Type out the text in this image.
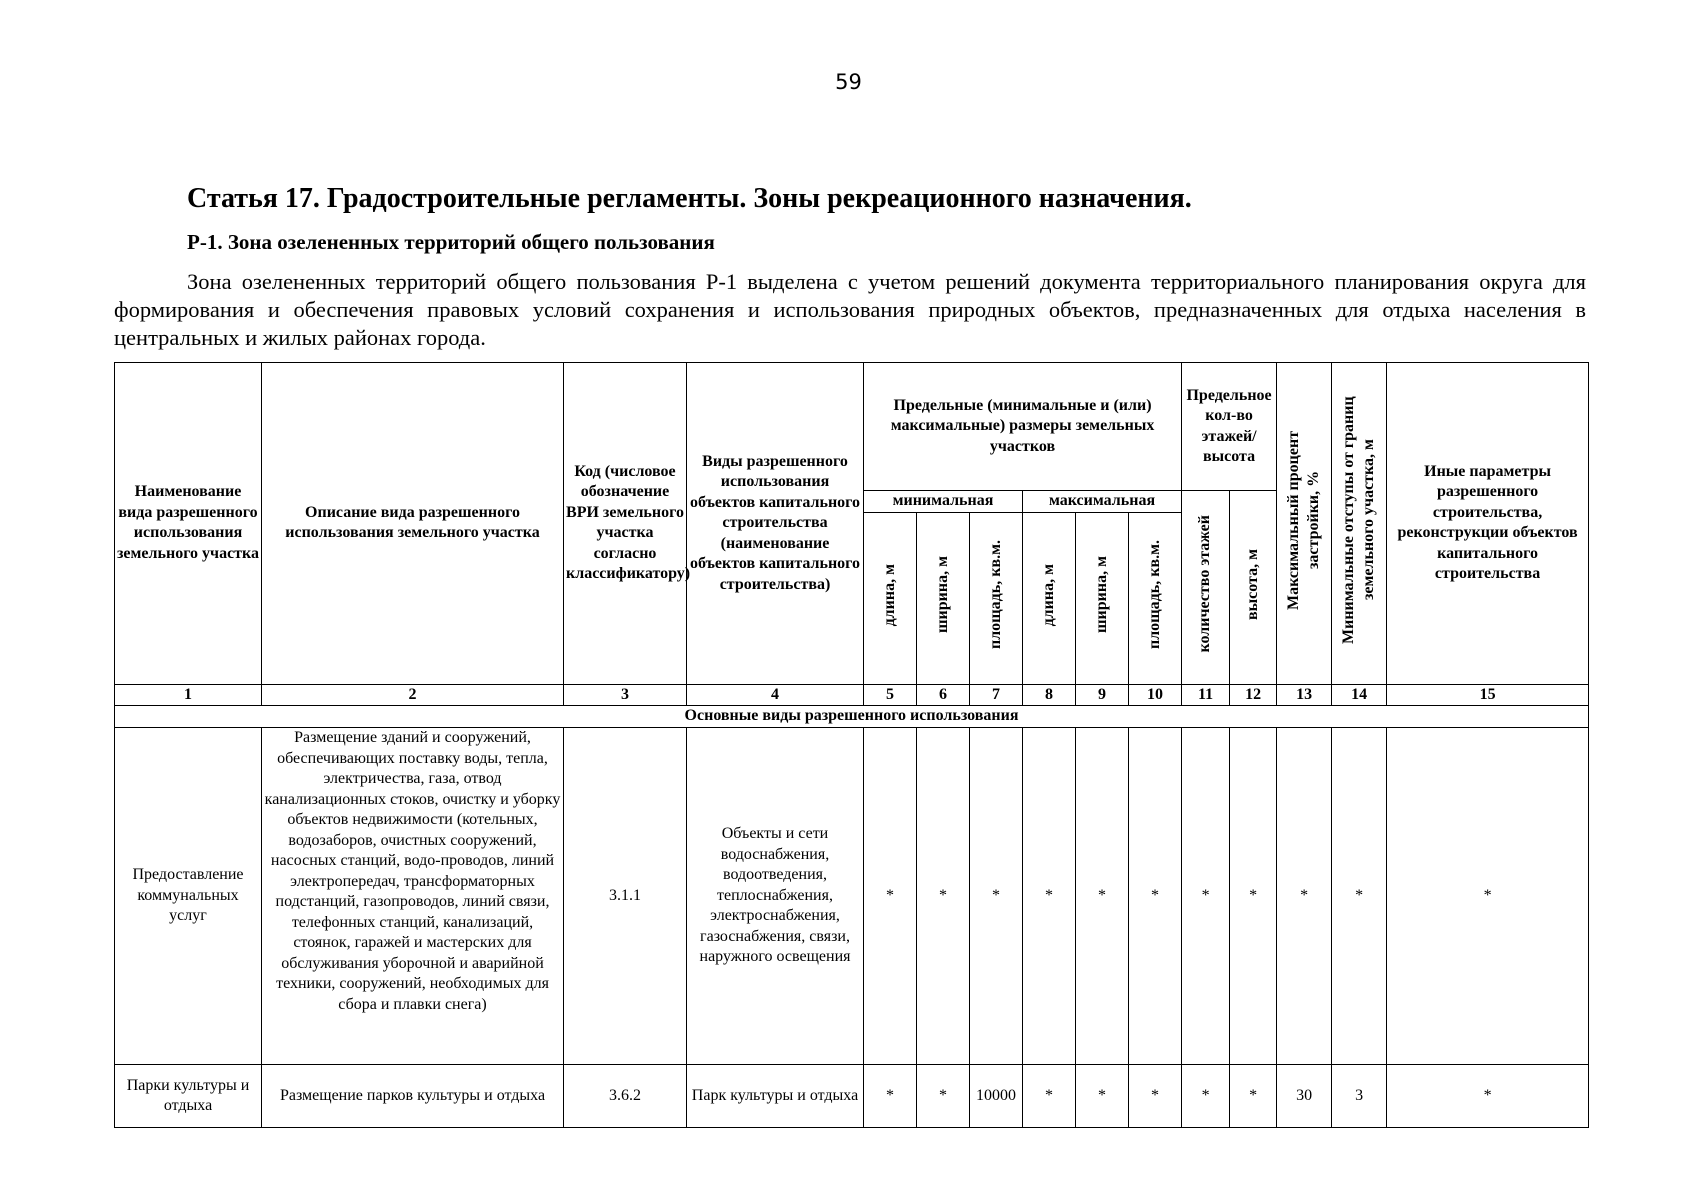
59
Статья 17. Градостроительные регламенты. Зоны рекреационного назначения.
Р-1. Зона озелененных территорий общего пользования

Зона озелененных территорий общего пользования Р-1 выделена с учетом решений документа территориального планирования округа для формирования и обеспечения правовых условий сохранения и использования природных объектов, предназначенных для отдыха населения в центральных и жилых районах города.

Наименование вида разрешенного использования земельного участка	Описание вида разрешенного использования земельного участка	Код (числовое обозначение ВРИ земельного участка согласно классификатору)	Виды разрешенного использования объектов капитального строительства (наименование объектов капитального строительства)	Предельные (минимальные и (или) максимальные) размеры земельных участков						Предельное кол-во этажей/ высота		Максимальный процент застройки, %	Минимальные отступы от границ земельного участка, м	Иные параметры разрешенного строительства, реконструкции объектов капитального строительства
				минимальная			максимальная			количество этажей	высота, м			
				длина, м	ширина, м	площадь, кв.м.	длина, м	ширина, м	площадь, кв.м.					
1	2	3	4	5	6	7	8	9	10	11	12	13	14	15
Основные виды разрешенного использования														
Предоставление коммунальных услуг	Размещение зданий и сооружений, обеспечивающих поставку воды, тепла, электричества, газа, отвод канализационных стоков, очистку и уборку объектов недвижимости (котельных, водозаборов, очистных сооружений, насосных станций, водо-проводов, линий электропередач, трансформаторных подстанций, газопроводов, линий связи, телефонных станций, канализаций, стоянок, гаражей и мастерских для обслуживания уборочной и аварийной техники, сооружений, необходимых для сбора и плавки снега)	3.1.1	Объекты и сети водоснабжения, водоотведения, теплоснабжения, электроснабжения, газоснабжения, связи, наружного освещения	*	*	*	*	*	*	*	*	*	*	*
Парки культуры и отдыха	Размещение парков культуры и отдыха	3.6.2	Парк культуры и отдыха	*	*	10000	*	*	*	*	*	30	3	*
